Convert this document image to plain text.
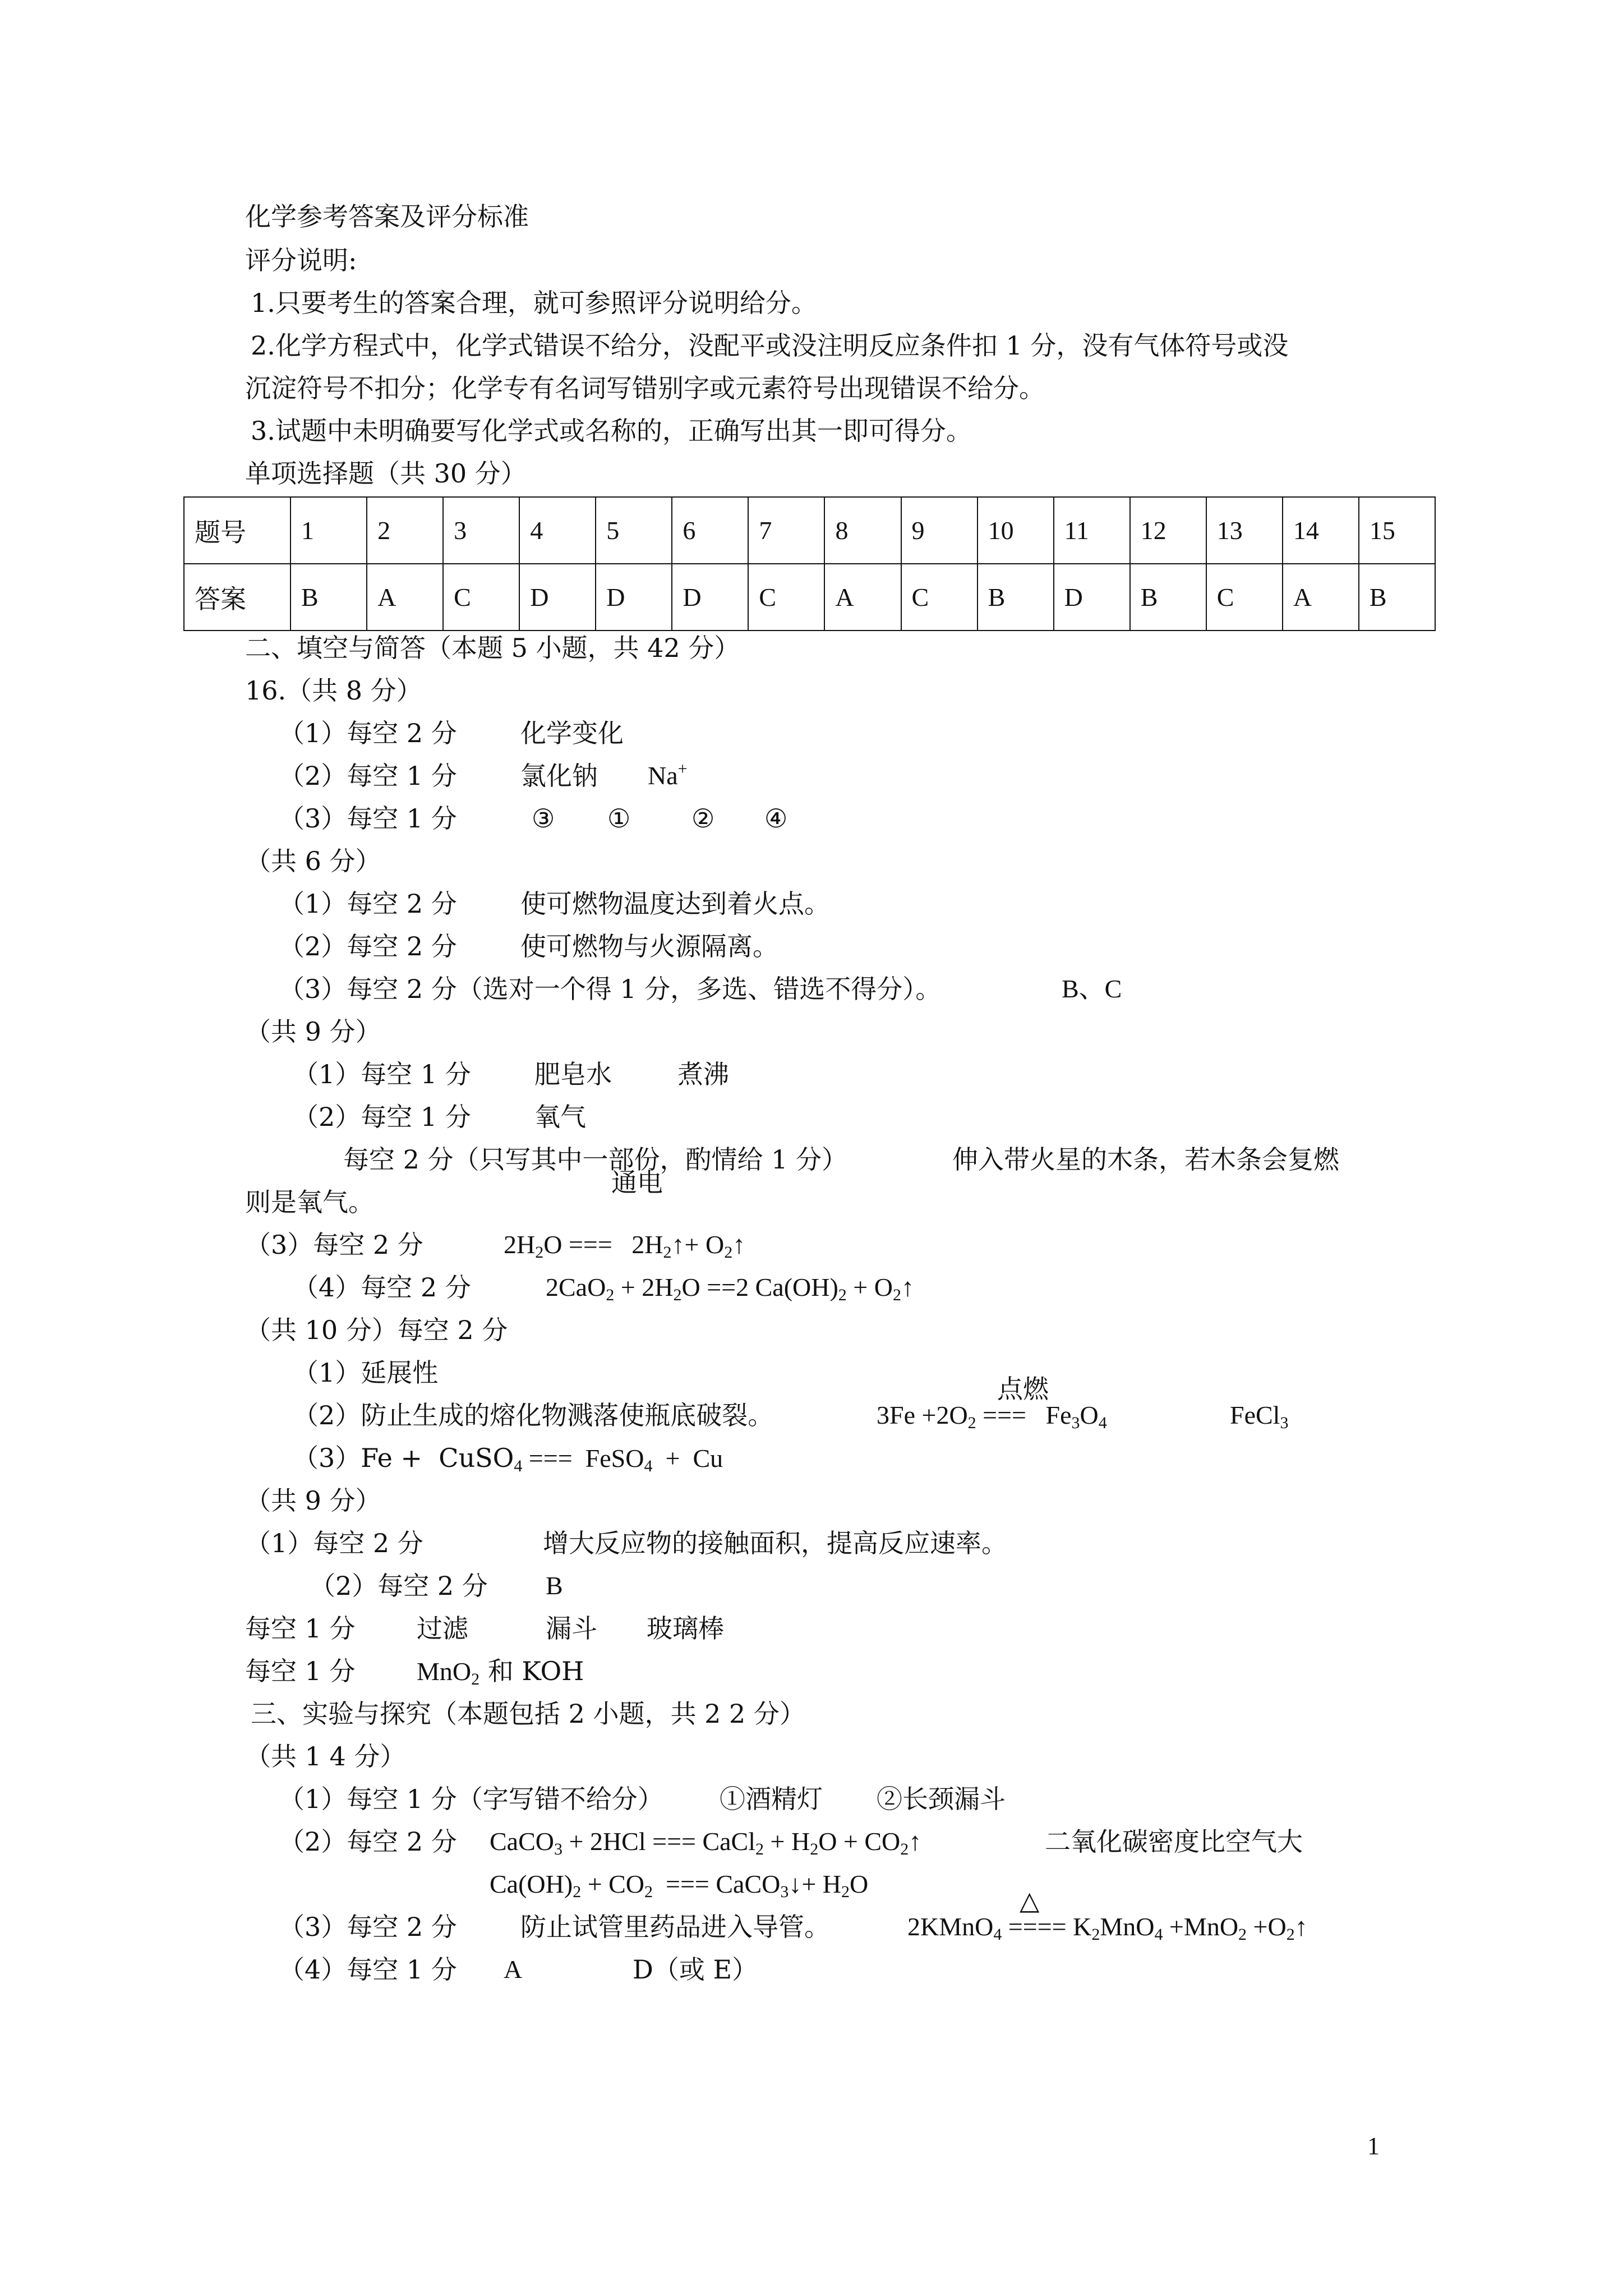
化学参考答案及评分标准
评分说明:
1.只要考生的答案合理，就可参照评分说明给分。
2.化学方程式中，化学式错误不给分，没配平或没注明反应条件扣 1 分，没有气体符号或没
沉淀符号不扣分；化学专有名词写错别字或元素符号出现错误不给分。
3.试题中未明确要写化学式或名称的，正确写出其一即可得分。
单项选择题（共 30 分）
题号	1	2	3	4	5	6	7	8	9	10	11	12	13	14	15
答案	B	A	C	D	D	D	C	A	C	B	D	B	C	A	B
二、填空与简答（本题 5 小题，共 42 分）
16.（共 8 分）
（1）每空 2 分 化学变化
（2）每空 1 分 氯化钠 Na+
（3）每空 1 分	③ ① ② ④
（共 6 分）
（1）每空 2 分 使可燃物温度达到着火点。
（2）每空 2 分 使可燃物与火源隔离。
（3）每空 2 分（选对一个得 1 分，多选、错选不得分）。	B、C
（共 9 分）
（1）每空 1 分 肥皂水	煮沸
（2）每空 1 分 氧气
每空 2 分（只写其中一部份，酌情给 1 分）	伸入带火星的木条，若木条会复燃
通电
则是氧气。
（3）每空 2 分	$2H_2O$ ===   $2H_2↑+$ $O_2↑$
（4）每空 2 分	$2CaO_2 + 2H_2O ==2$ $Ca(OH)_2$ + $O_2↑$
（共 10 分）每空 2 分
（1）延展性
（2）防止生成的熔化物溅落使瓶底破裂。
点燃
$3Fe +2O_2$ ===   $Fe_3O_4$	FeCl$_3$
（3）Fe +  CuSO$_4$ ===  FeSO$_4$  +  Cu
（共 9 分）
（1）每空 2 分	增大反应物的接触面积，提高反应速率。
（2）每空 2 分 B
每空 1 分 过滤	漏斗 玻璃棒
每空 1 分 MnO$_2$ 和 KOH
三、实验与探究（本题包括 2 小题，共 2 2 分）
（共 1 4 分）
（1）每空 1 分（字写错不给分） ①酒精灯 ②长颈漏斗
（2）每空 2 分 CaCO$_3$ + 2HCl === CaCl$_2$ + $H_2O$ + $CO_2↑$	二氧化碳密度比空气大
$Ca(OH)_2 + CO_2$  === CaCO$_3$↓+ $H_2O$
（3）每空 2 分 防止试管里药品进入导管。
△
2KMnO$_4$ ==== $K_2MnO_4 +MnO_2$ $+O_2↑$
（4）每空 1 分 A	D（或 E）
1
